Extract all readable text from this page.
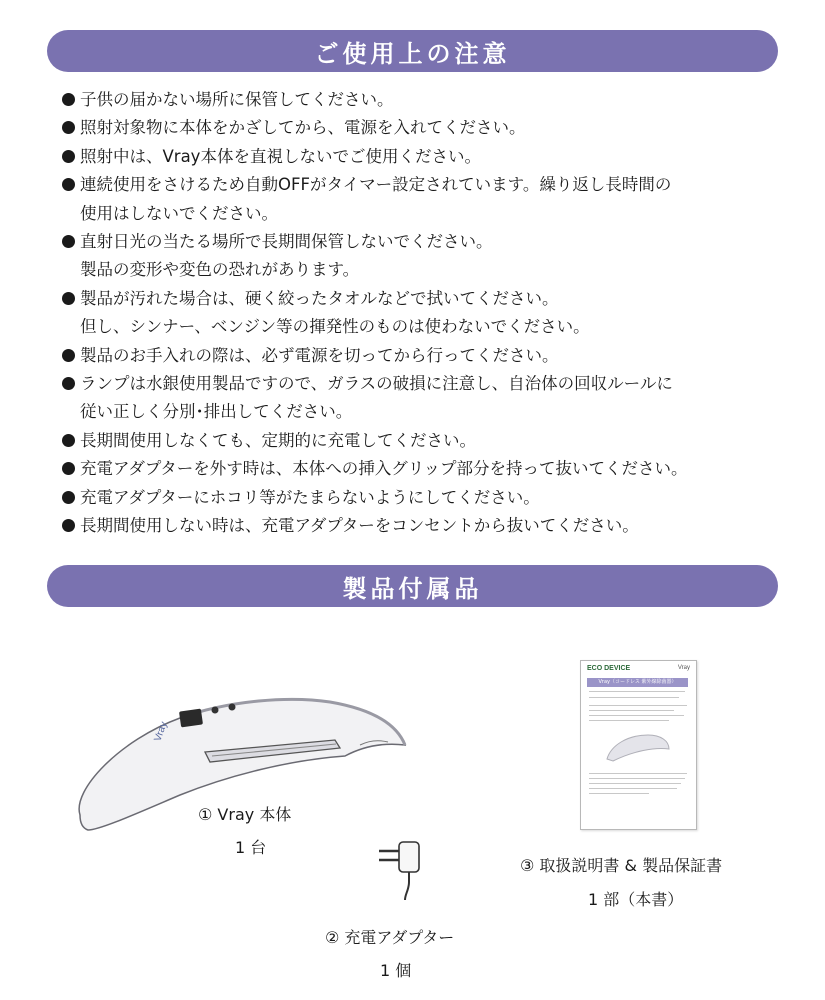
ご使用上の注意
子供の届かない場所に保管してください。
照射対象物に本体をかざしてから、電源を入れてください。
照射中は、Vray本体を直視しないでご使用ください。
連続使用をさけるため自動OFFがタイマー設定されています。繰り返し長時間の
使用はしないでください。
直射日光の当たる場所で長期間保管しないでください。
製品の変形や変色の恐れがあります。
製品が汚れた場合は、硬く絞ったタオルなどで拭いてください。
但し、シンナー、ベンジン等の揮発性のものは使わないでください。
製品のお手入れの際は、必ず電源を切ってから行ってください。
ランプは水銀使用製品ですので、ガラスの破損に注意し、自治体の回収ルールに
従い正しく分別･排出してください。
長期間使用しなくても、定期的に充電してください。
充電アダプターを外す時は、本体への挿入グリップ部分を持って抜いてください。
充電アダプターにホコリ等がたまらないようにしてください。
長期間使用しない時は、充電アダプターをコンセントから抜いてください。
製品付属品
Vray
① Vray 本体
1 台
② 充電アダプター
1 個
ECO DEVICE	Vray
Vray（コードレス 紫外線除菌器）
③ 取扱説明書 & 製品保証書
1 部（本書）
